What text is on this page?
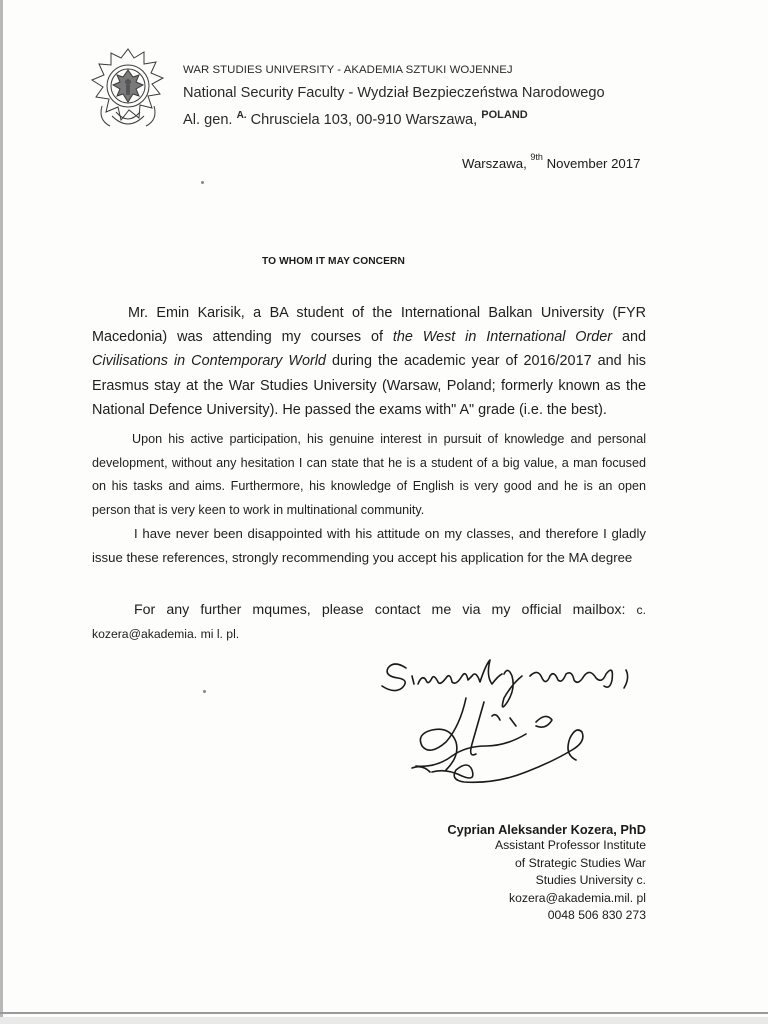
WAR STUDIES UNIVERSITY - AKADEMIA SZTUKI WOJENNEJ
National Security Faculty - Wydział Bezpieczeństwa Narodowego
Al. gen. $^{A.}$ Chrusciela 103, 00-910 Warszawa, $^{POLAND}$
Warszawa, $^{9th}$ November 2017
TO WHOM IT MAY CONCERN
Mr. Emin Karisik, a BA student of the International Balkan University (FYR Macedonia) was attending my courses of the West in International Order and Civilisations in Contemporary World during the academic year of 2016/2017 and his Erasmus stay at the War Studies University (Warsaw, Poland; formerly known as the National Defence University). He passed the exams with" A" grade (i.e. the best).
Upon his active participation, his genuine interest in pursuit of knowledge and personal development, without any hesitation I can state that he is a student of a big value, a man focused on his tasks and aims. Furthermore, his knowledge of English is very good and he is an open person that is very keen to work in multinational community.
I have never been disappointed with his attitude on my classes, and therefore I gladly issue these references, strongly recommending you accept his application for the MA degree
For any further mqumes, please contact me via my official mailbox: c. kozera@akademia. mi l. pl.
Cyprian Aleksander Kozera, PhD
Assistant Professor Institute
of Strategic Studies War
Studies University c.
kozera@akademia.mil. pl
0048 506 830 273
